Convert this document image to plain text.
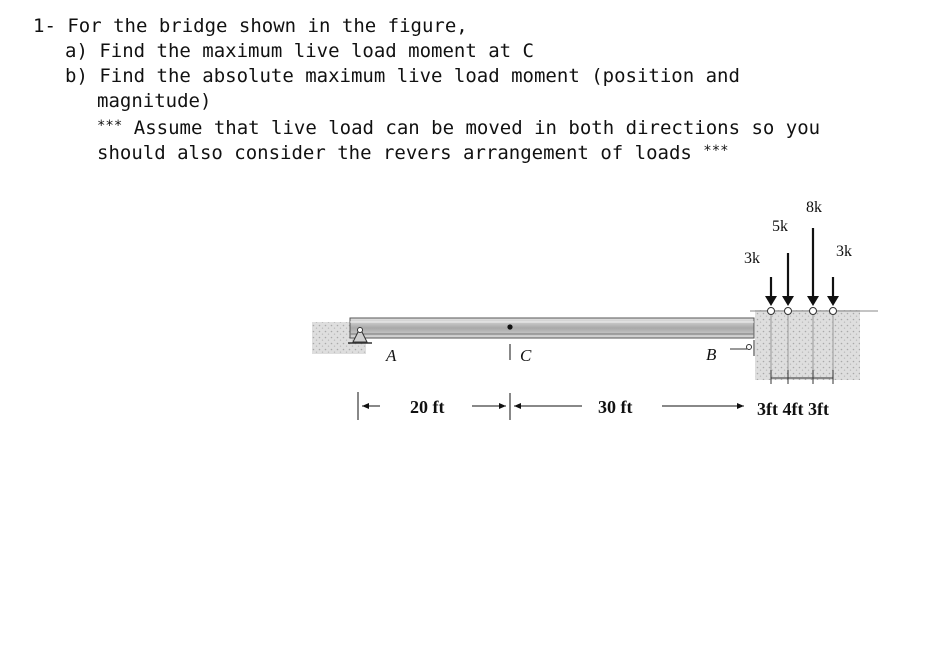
1- For the bridge shown in the figure,
a) Find the maximum live load moment at C
b) Find the absolute maximum live load moment (position and
magnitude)
*** Assume that live load can be moved in both directions so you
should also consider the revers arrangement of loads ***
A	C	B
3k
5k
8k
3k
20 ft	30 ft	3ft 4ft 3ft
